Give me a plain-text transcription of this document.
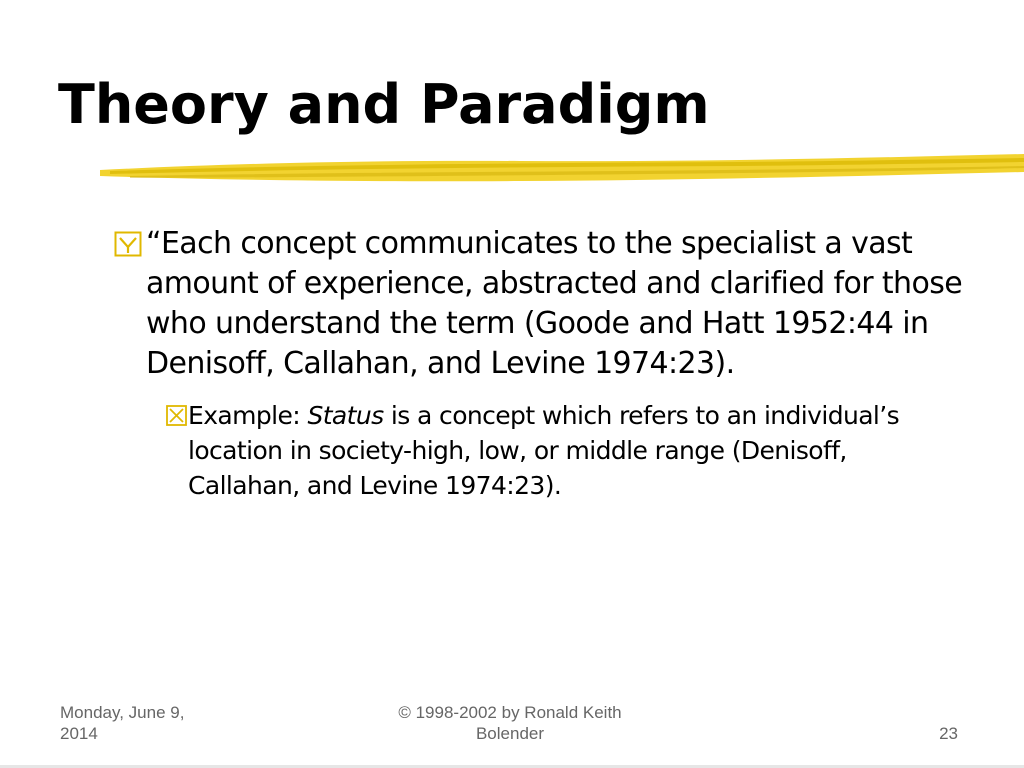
Theory and Paradigm
“Each concept communicates to the specialist a vast amount of experience, abstracted and clarified for those who understand the term (Goode and Hatt 1952:44 in Denisoff, Callahan, and Levine 1974:23).
Example: Status is a concept which refers to an individual’s location in society-high, low, or middle range (Denisoff, Callahan, and Levine 1974:23).
Monday, June 9,
2014
© 1998-2002 by Ronald Keith
Bolender	23
